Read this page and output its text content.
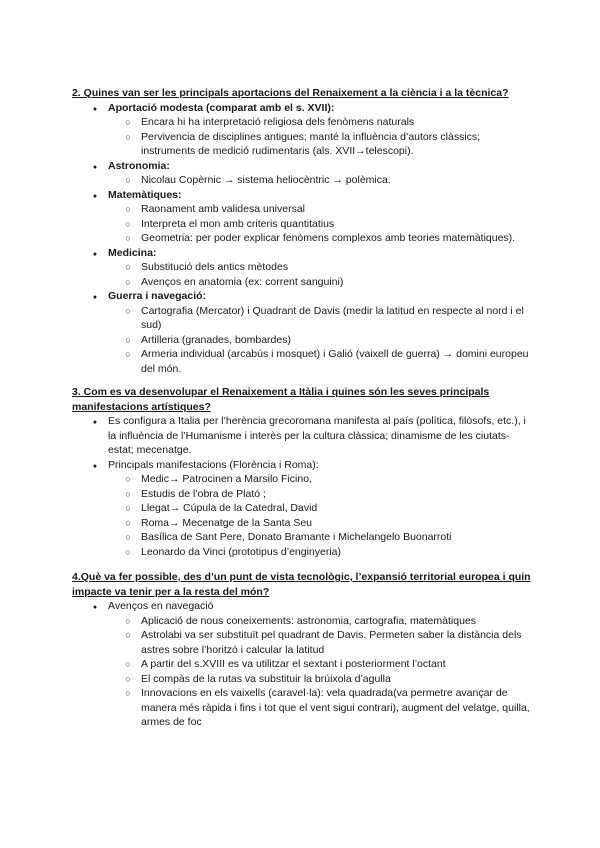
2. Quines van ser les principals aportacions del Renaixement a la ciència i a la tècnica?

●
Aportació modesta (comparat amb el s. XVII):
○
Encara hi ha interpretació religiosa dels fenòmens naturals
○
Pervivencia de disciplines antigues; manté la influència d’autors clàssics; instruments de medició rudimentaris (als. XVII→telescopi).
●
Astronomia:
○
Nicolau Copèrnic → sistema heliocèntric → polèmica.
●
Matemàtiques:
○
Raonament amb validesa universal
○
Interpreta el mon amb criteris quantitatius
○
Geometria: per poder explicar fenòmens complexos amb teories matemàtiques).
●
Medicina:
○
Substitució dels antics mètodes
○
Avenços en anatomia (ex: corrent sanguini)
●
Guerra i navegació:
○
Cartografia (Mercator) i Quadrant de Davis (medir la latitud en respecte al nord i el sud)
○
Artilleria (granades, bombardes)
○
Armeria individual (arcabús i mosquet) i Galió (vaixell de guerra) → domini europeu del món.

3. Com es va desenvolupar el Renaixement a Itàlia i quines són les seves principals manifestacions artístiques?

●
Es configura a Italia per l’herència grecoromana manifesta al país (política, filòsofs, etc.), i la influència de l’Humanisme i interès per la cultura clàssica; dinamisme de les ciutats-estat; mecenatge.
●
Principals manifestacions (Florència i Roma):
○
Medic→ Patrocinen a Marsilo Ficino,
○
Estudis de l’obra de Plató ;
○
Llegat→ Cúpula de la Catedral, David
○
Roma→ Mecenatge de la Santa Seu
○
Basílica de Sant Pere, Donato Bramante i Michelangelo Buonarroti
○
Leonardo da Vinci (prototipus d’enginyeria)

4.Què va fer possible, des d’un punt de vista tecnològic, l’expansió territorial europea i quin impacte va tenir per a la resta del món?

●
Avenços en navegació
○
Aplicació de nous coneixements: astronomia, cartografia, matemàtiques
○
Astrolabi va ser substituït pel quadrant de Davis. Permeten saber la distància dels astres sobre l’horitzó i calcular la latitud
○
A partir del s.XVIII es va utilitzar el sextant i posteriorment l’octant
○
El compàs de la rutas va substituir la brúixola d’agulla
○
Innovacions en els vaixells (caravel·la): vela quadrada(va permetre avançar de manera més ràpida i fins i tot que el vent sigui contrari), augment del velatge, quilla, armes de foc
